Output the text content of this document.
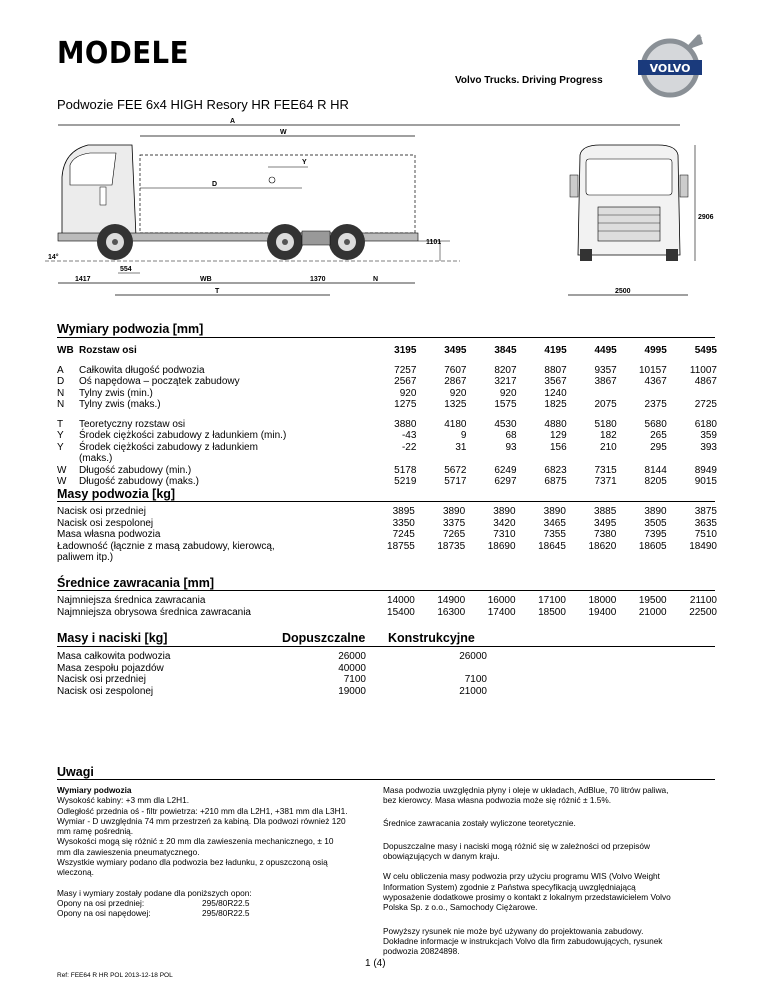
MODELE
Volvo Trucks. Driving Progress
VOLVO
Podwozie FEE 6x4 HIGH Resory HR FEE64 R HR
A
W
Y
D
1101
14°
554
1417	WB	1370	N
T
2906
2500
Wymiary podwozia [mm]
WB	Rozstaw osi	3195	3495	3845	4195	4495	4995	5495

A	Całkowita długość podwozia	7257	7607	8207	8807	9357	10157	11007
D	Oś napędowa – początek zabudowy	2567	2867	3217	3567	3867	4367	4867
N	Tylny zwis (min.)	920	920	920	1240			
N	Tylny zwis (maks.)	1275	1325	1575	1825	2075	2375	2725

T	Teoretyczny rozstaw osi	3880	4180	4530	4880	5180	5680	6180
Y	Środek ciężkości zabudowy z ładunkiem (min.)	-43	9	68	129	182	265	359
Y	Środek ciężkości zabudowy z ładunkiem	-22	31	93	156	210	295	393
	(maks.)							
W	Długość zabudowy (min.)	5178	5672	6249	6823	7315	8144	8949
W	Długość zabudowy (maks.)	5219	5717	6297	6875	7371	8205	9015
Masy podwozia [kg]
Nacisk osi przedniej	3895	3890	3890	3890	3885	3890	3875
Nacisk osi zespolonej	3350	3375	3420	3465	3495	3505	3635
Masa własna podwozia	7245	7265	7310	7355	7380	7395	7510
Ładowność (łącznie z masą zabudowy, kierowcą,	18755	18735	18690	18645	18620	18605	18490
paliwem itp.)							
Średnice zawracania [mm]
Najmniejsza średnica zawracania	14000	14900	16000	17100	18000	19500	21100
Najmniejsza obrysowa średnica zawracania	15400	16300	17400	18500	19400	21000	22500
Masy i naciski [kg]	Dopuszczalne Konstrukcyjne
Masa całkowita podwozia	26000	26000
Masa zespołu pojazdów	40000
Nacisk osi przedniej	7100	7100
Nacisk osi zespolonej	19000	21000
Uwagi
Wymiary podwozia
Wysokość kabiny: +3 mm dla L2H1.
Odległość przednia oś - filtr powietrza: +210 mm dla L2H1, +381 mm dla L3H1.
Wymiar - D uwzględnia 74 mm przestrzeń za kabiną. Dla podwozi również 120
mm ramę pośrednią.
Wysokości mogą się różnić ± 20 mm dla zawieszenia mechanicznego, ± 10
mm dla zawieszenia pneumatycznego.
Wszystkie wymiary podano dla podwozia bez ładunku, z opuszczoną osią
wleczoną.
Masy i wymiary zostały podane dla poniższych opon:
Opony na osi przedniej:	295/80R22.5
Opony na osi napędowej:	295/80R22.5
Masa podwozia uwzględnia płyny i oleje w układach, AdBlue, 70 litrów paliwa,
bez kierowcy. Masa własna podwozia może się różnić ± 1.5%.
Średnice zawracania zostały wyliczone teoretycznie.
Dopuszczalne masy i naciski mogą różnić się w zależności od przepisów
obowiązujących w danym kraju.
W celu obliczenia masy podwozia przy użyciu programu WIS (Volvo Weight
Information System) zgodnie z Państwa specyfikacją uwzględniającą
wyposażenie dodatkowe prosimy o kontakt z lokalnym przedstawicielem Volvo
Polska Sp. z o.o., Samochody Ciężarowe.
Powyższy rysunek nie może być używany do projektowania zabudowy.
Dokładne informacje w instrukcjach Volvo dla firm zabudowujących, rysunek
podwozia 20824898.
1 (4)
Ref: FEE64 R HR POL 2013-12-18 POL
